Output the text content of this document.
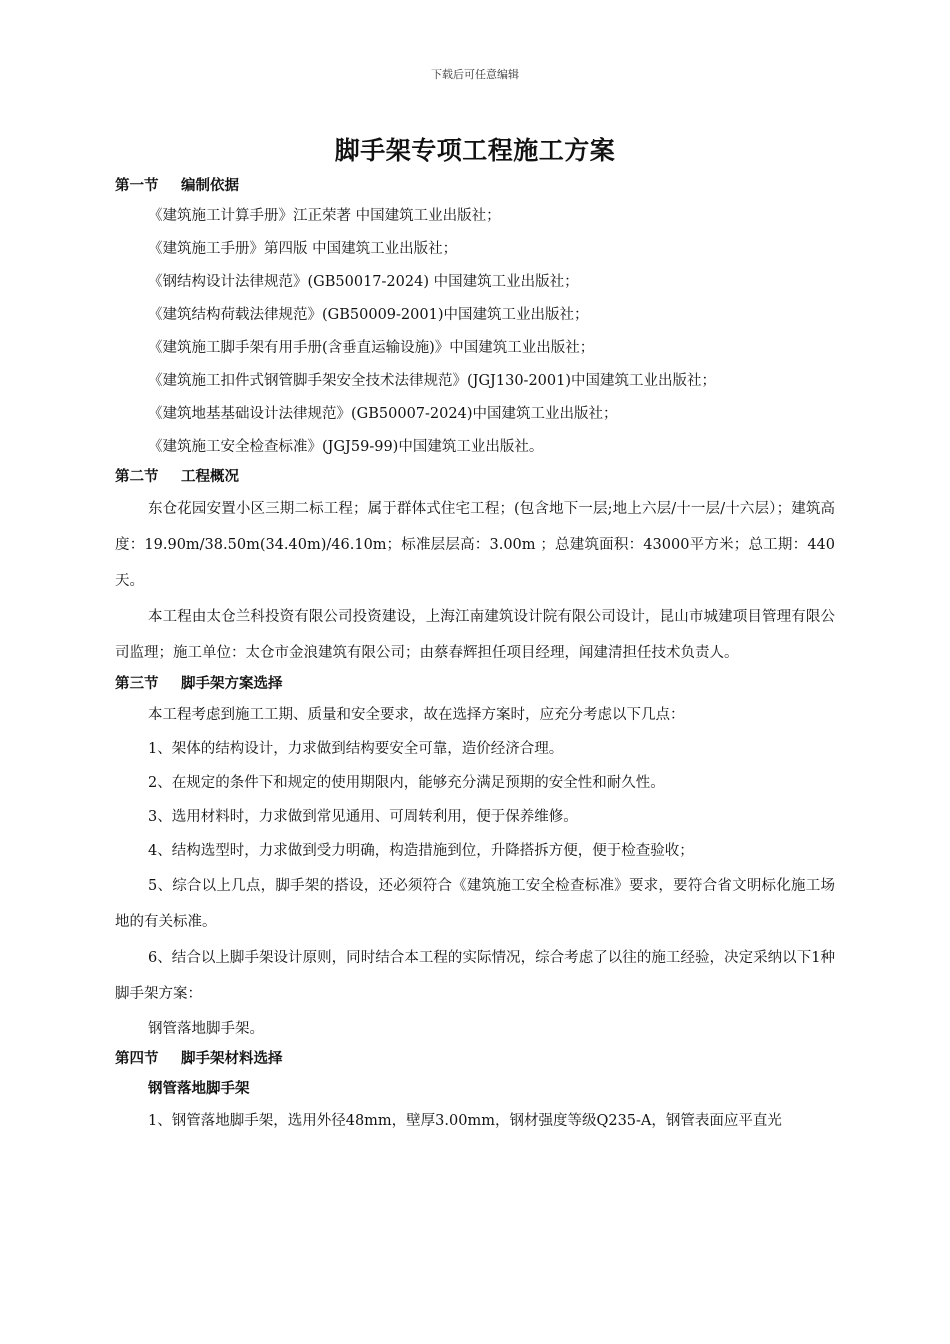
下载后可任意编辑
脚手架专项工程施工方案
第一节 编制依据
《建筑施工计算手册》江正荣著 中国建筑工业出版社；
《建筑施工手册》第四版 中国建筑工业出版社；
《钢结构设计法律规范》(GB50017-2024) 中国建筑工业出版社；
《建筑结构荷载法律规范》(GB50009-2001)中国建筑工业出版社；
《建筑施工脚手架有用手册(含垂直运输设施)》中国建筑工业出版社；
《建筑施工扣件式钢管脚手架安全技术法律规范》(JGJ130-2001)中国建筑工业出版社；
《建筑地基基础设计法律规范》(GB50007-2024)中国建筑工业出版社；
《建筑施工安全检查标准》(JGJ59-99)中国建筑工业出版社。
第二节 工程概况
东仓花园安置小区三期二标工程；属于群体式住宅工程；(包含地下一层;地上六层/十一层/十六层）；建筑高度：19.90m/38.50m(34.40m)/46.10m；标准层层高：3.00m ；总建筑面积：43000平方米；总工期：440天。
本工程由太仓兰科投资有限公司投资建设，上海江南建筑设计院有限公司设计，昆山市城建项目管理有限公司监理；施工单位：太仓市金浪建筑有限公司；由蔡春辉担任项目经理，闻建清担任技术负责人。
第三节 脚手架方案选择
本工程考虑到施工工期、质量和安全要求，故在选择方案时，应充分考虑以下几点：
1、架体的结构设计，力求做到结构要安全可靠，造价经济合理。
2、在规定的条件下和规定的使用期限内，能够充分满足预期的安全性和耐久性。
3、选用材料时，力求做到常见通用、可周转利用，便于保养维修。
4、结构选型时，力求做到受力明确，构造措施到位，升降搭拆方便，便于检查验收；
5、综合以上几点，脚手架的搭设，还必须符合《建筑施工安全检查标准》要求，要符合省文明标化施工场地的有关标准。
6、结合以上脚手架设计原则，同时结合本工程的实际情况，综合考虑了以往的施工经验，决定采纳以下1种脚手架方案：
钢管落地脚手架。
第四节 脚手架材料选择
钢管落地脚手架
1、钢管落地脚手架，选用外径48mm，壁厚3.00mm，钢材强度等级Q235-A，钢管表面应平直光
